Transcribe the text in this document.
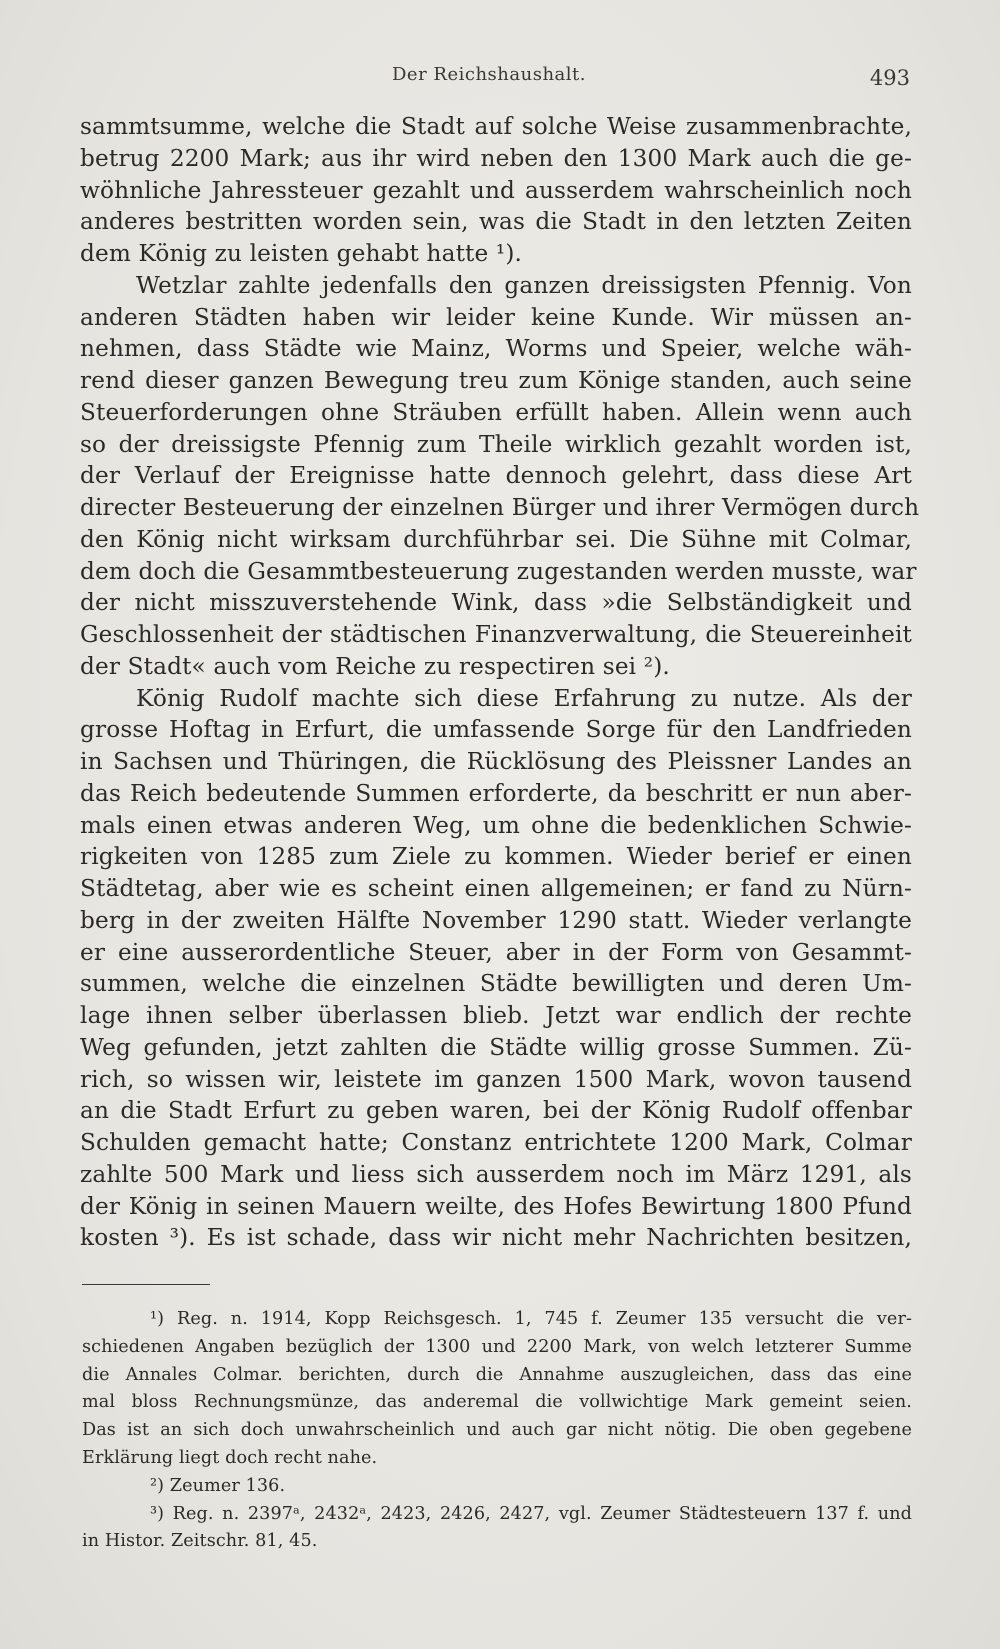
Der Reichshaushalt.	493
sammtsumme, welche die Stadt auf solche Weise zusammenbrachte,
betrug 2200 Mark; aus ihr wird neben den 1300 Mark auch die ge-
wöhnliche Jahressteuer gezahlt und ausserdem wahrscheinlich noch
anderes bestritten worden sein, was die Stadt in den letzten Zeiten
dem König zu leisten gehabt hatte ¹).
Wetzlar zahlte jedenfalls den ganzen dreissigsten Pfennig. Von
anderen Städten haben wir leider keine Kunde. Wir müssen an-
nehmen, dass Städte wie Mainz, Worms und Speier, welche wäh-
rend dieser ganzen Bewegung treu zum Könige standen, auch seine
Steuerforderungen ohne Sträuben erfüllt haben. Allein wenn auch
so der dreissigste Pfennig zum Theile wirklich gezahlt worden ist,
der Verlauf der Ereignisse hatte dennoch gelehrt, dass diese Art
directer Besteuerung der einzelnen Bürger und ihrer Vermögen durch
den König nicht wirksam durchführbar sei. Die Sühne mit Colmar,
dem doch die Gesammtbesteuerung zugestanden werden musste, war
der nicht misszuverstehende Wink, dass »die Selbständigkeit und
Geschlossenheit der städtischen Finanzverwaltung, die Steuereinheit
der Stadt« auch vom Reiche zu respectiren sei ²).
König Rudolf machte sich diese Erfahrung zu nutze. Als der
grosse Hoftag in Erfurt, die umfassende Sorge für den Landfrieden
in Sachsen und Thüringen, die Rücklösung des Pleissner Landes an
das Reich bedeutende Summen erforderte, da beschritt er nun aber-
mals einen etwas anderen Weg, um ohne die bedenklichen Schwie-
rigkeiten von 1285 zum Ziele zu kommen. Wieder berief er einen
Städtetag, aber wie es scheint einen allgemeinen; er fand zu Nürn-
berg in der zweiten Hälfte November 1290 statt. Wieder verlangte
er eine ausserordentliche Steuer, aber in der Form von Gesammt-
summen, welche die einzelnen Städte bewilligten und deren Um-
lage ihnen selber überlassen blieb. Jetzt war endlich der rechte
Weg gefunden, jetzt zahlten die Städte willig grosse Summen. Zü-
rich, so wissen wir, leistete im ganzen 1500 Mark, wovon tausend
an die Stadt Erfurt zu geben waren, bei der König Rudolf offenbar
Schulden gemacht hatte; Constanz entrichtete 1200 Mark, Colmar
zahlte 500 Mark und liess sich ausserdem noch im März 1291, als
der König in seinen Mauern weilte, des Hofes Bewirtung 1800 Pfund
kosten ³). Es ist schade, dass wir nicht mehr Nachrichten besitzen,
¹) Reg. n. 1914, Kopp Reichsgesch. 1, 745 f. Zeumer 135 versucht die ver-
schiedenen Angaben bezüglich der 1300 und 2200 Mark, von welch letzterer Summe
die Annales Colmar. berichten, durch die Annahme auszugleichen, dass das eine
mal bloss Rechnungsmünze, das anderemal die vollwichtige Mark gemeint seien.
Das ist an sich doch unwahrscheinlich und auch gar nicht nötig. Die oben gegebene
Erklärung liegt doch recht nahe.
²) Zeumer 136.
³) Reg. n. 2397ᵃ, 2432ᵃ, 2423, 2426, 2427, vgl. Zeumer Städtesteuern 137 f. und
in Histor. Zeitschr. 81, 45.
